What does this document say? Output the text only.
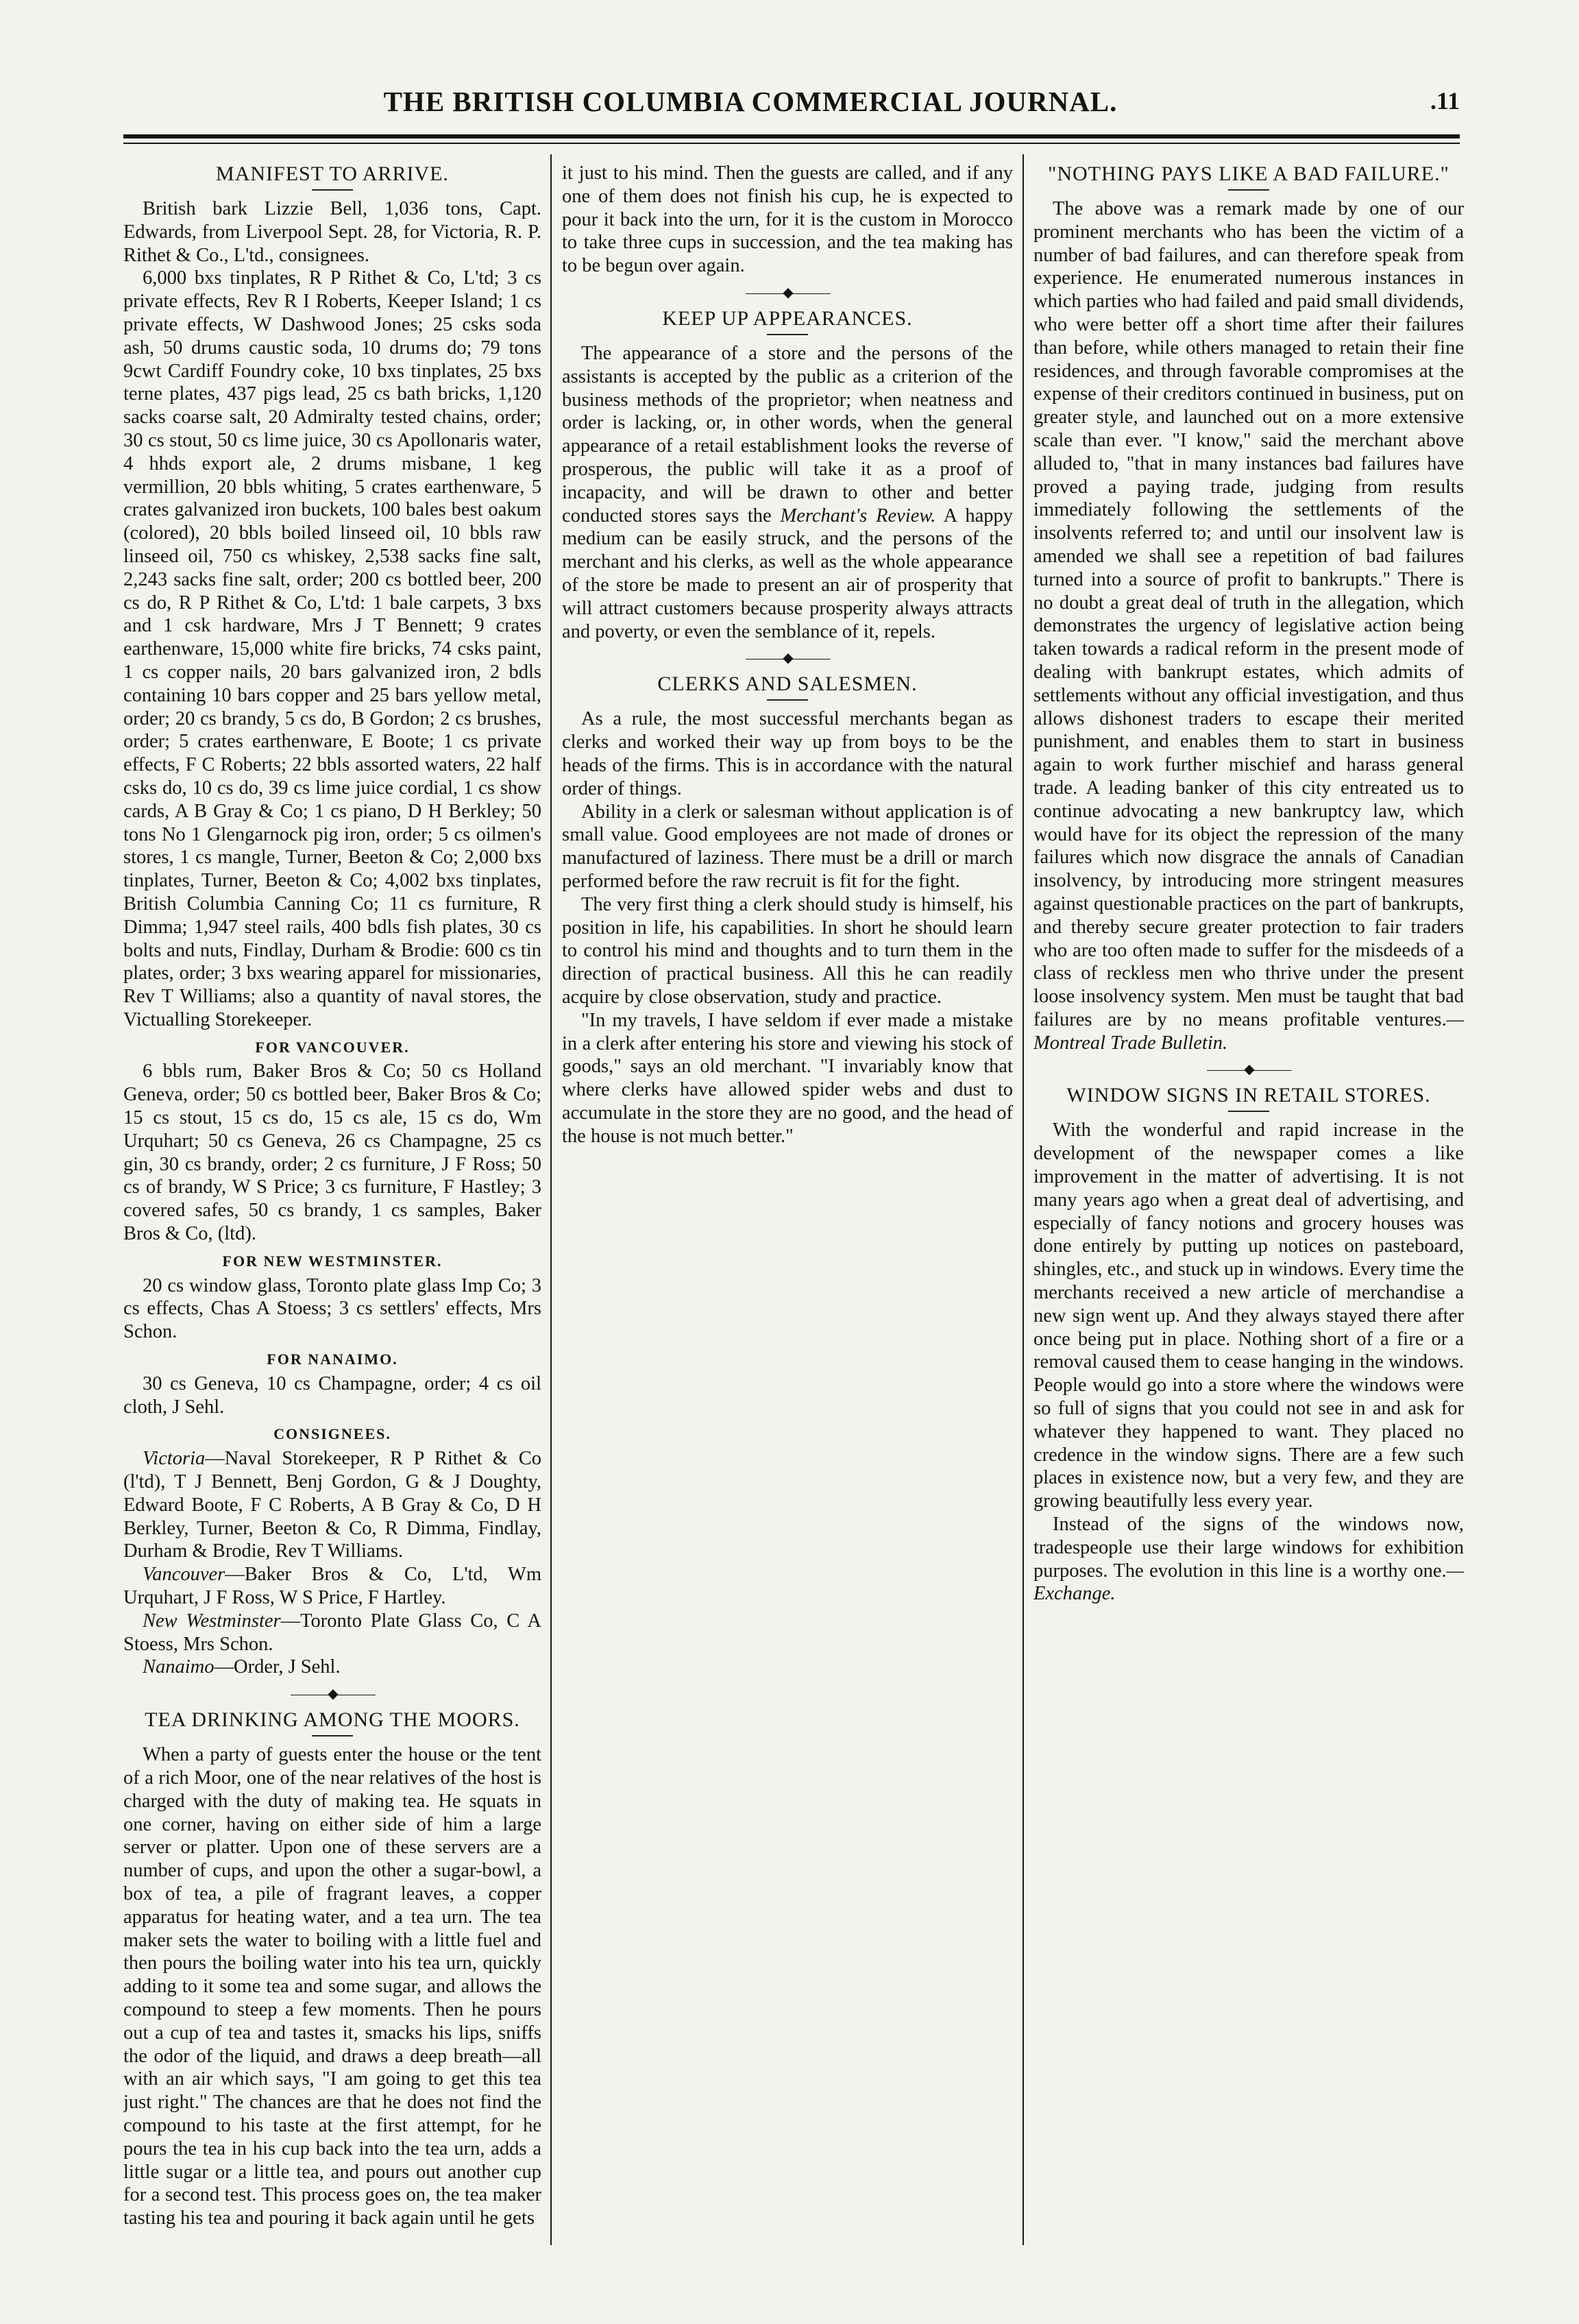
THE BRITISH COLUMBIA COMMERCIAL JOURNAL.	.11
MANIFEST TO ARRIVE.

British bark Lizzie Bell, 1,036 tons, Capt. Edwards, from Liverpool Sept. 28, for Victoria, R. P. Rithet & Co., L'td., consignees.

6,000 bxs tinplates, R P Rithet & Co, L'td; 3 cs private effects, Rev R I Roberts, Keeper Island; 1 cs private effects, W Dashwood Jones; 25 csks soda ash, 50 drums caustic soda, 10 drums do; 79 tons 9cwt Cardiff Foundry coke, 10 bxs tinplates, 25 bxs terne plates, 437 pigs lead, 25 cs bath bricks, 1,120 sacks coarse salt, 20 Admiralty tested chains, order; 30 cs stout, 50 cs lime juice, 30 cs Apollonaris water, 4 hhds export ale, 2 drums misbane, 1 keg vermillion, 20 bbls whiting, 5 crates earthenware, 5 crates galvanized iron buckets, 100 bales best oakum (colored), 20 bbls boiled linseed oil, 10 bbls raw linseed oil, 750 cs whiskey, 2,538 sacks fine salt, 2,243 sacks fine salt, order; 200 cs bottled beer, 200 cs do, R P Rithet & Co, L'td: 1 bale carpets, 3 bxs and 1 csk hardware, Mrs J T Bennett; 9 crates earthenware, 15,000 white fire bricks, 74 csks paint, 1 cs copper nails, 20 bars galvanized iron, 2 bdls containing 10 bars copper and 25 bars yellow metal, order; 20 cs brandy, 5 cs do, B Gordon; 2 cs brushes, order; 5 crates earthenware, E Boote; 1 cs private effects, F C Roberts; 22 bbls assorted waters, 22 half csks do, 10 cs do, 39 cs lime juice cordial, 1 cs show cards, A B Gray & Co; 1 cs piano, D H Berkley; 50 tons No 1 Glengarnock pig iron, order; 5 cs oilmen's stores, 1 cs mangle, Turner, Beeton & Co; 2,000 bxs tinplates, Turner, Beeton & Co; 4,002 bxs tinplates, British Columbia Canning Co; 11 cs furniture, R Dimma; 1,947 steel rails, 400 bdls fish plates, 30 cs bolts and nuts, Findlay, Durham & Brodie: 600 cs tin plates, order; 3 bxs wearing apparel for missionaries, Rev T Williams; also a quantity of naval stores, the Victualling Storekeeper.

FOR VANCOUVER.

6 bbls rum, Baker Bros & Co; 50 cs Holland Geneva, order; 50 cs bottled beer, Baker Bros & Co; 15 cs stout, 15 cs do, 15 cs ale, 15 cs do, Wm Urquhart; 50 cs Geneva, 26 cs Champagne, 25 cs gin, 30 cs brandy, order; 2 cs furniture, J F Ross; 50 cs of brandy, W S Price; 3 cs furniture, F Hastley; 3 covered safes, 50 cs brandy, 1 cs samples, Baker Bros & Co, (ltd).

FOR NEW WESTMINSTER.

20 cs window glass, Toronto plate glass Imp Co; 3 cs effects, Chas A Stoess; 3 cs settlers' effects, Mrs Schon.

FOR NANAIMO.

30 cs Geneva, 10 cs Champagne, order; 4 cs oil cloth, J Sehl.

CONSIGNEES.

Victoria—Naval Storekeeper, R P Rithet & Co (l'td), T J Bennett, Benj Gordon, G & J Doughty, Edward Boote, F C Roberts, A B Gray & Co, D H Berkley, Turner, Beeton & Co, R Dimma, Findlay, Durham & Brodie, Rev T Williams.

Vancouver—Baker Bros & Co, L'td, Wm Urquhart, J F Ross, W S Price, F Hartley.

New Westminster—Toronto Plate Glass Co, C A Stoess, Mrs Schon.

Nanaimo—Order, J Sehl.

———◆———
TEA DRINKING AMONG THE MOORS.

When a party of guests enter the house or the tent of a rich Moor, one of the near relatives of the host is charged with the duty of making tea. He squats in one corner, having on either side of him a large server or platter. Upon one of these servers are a number of cups, and upon the other a sugar-bowl, a box of tea, a pile of fragrant leaves, a copper apparatus for heating water, and a tea urn. The tea maker sets the water to boiling with a little fuel and then pours the boiling water into his tea urn, quickly adding to it some tea and some sugar, and allows the compound to steep a few moments. Then he pours out a cup of tea and tastes it, smacks his lips, sniffs the odor of the liquid, and draws a deep breath—all with an air which says, "I am going to get this tea just right." The chances are that he does not find the compound to his taste at the first attempt, for he pours the tea in his cup back into the tea urn, adds a little sugar or a little tea, and pours out another cup for a second test. This process goes on, the tea maker tasting his tea and pouring it back again until he gets

it just to his mind. Then the guests are called, and if any one of them does not finish his cup, he is expected to pour it back into the urn, for it is the custom in Morocco to take three cups in succession, and the tea making has to be begun over again.

———◆———
KEEP UP APPEARANCES.

The appearance of a store and the persons of the assistants is accepted by the public as a criterion of the business methods of the proprietor; when neatness and order is lacking, or, in other words, when the general appearance of a retail establishment looks the reverse of prosperous, the public will take it as a proof of incapacity, and will be drawn to other and better conducted stores says the Merchant's Review. A happy medium can be easily struck, and the persons of the merchant and his clerks, as well as the whole appearance of the store be made to present an air of prosperity that will attract customers because prosperity always attracts and poverty, or even the semblance of it, repels.

———◆———
CLERKS AND SALESMEN.

As a rule, the most successful merchants began as clerks and worked their way up from boys to be the heads of the firms. This is in accordance with the natural order of things.

Ability in a clerk or salesman without application is of small value. Good employees are not made of drones or manufactured of laziness. There must be a drill or march performed before the raw recruit is fit for the fight.

The very first thing a clerk should study is himself, his position in life, his capabilities. In short he should learn to control his mind and thoughts and to turn them in the direction of practical business. All this he can readily acquire by close observation, study and practice.

"In my travels, I have seldom if ever made a mistake in a clerk after entering his store and viewing his stock of goods," says an old merchant. "I invariably know that where clerks have allowed spider webs and dust to accumulate in the store they are no good, and the head of the house is not much better."

"NOTHING PAYS LIKE A BAD FAILURE."

The above was a remark made by one of our prominent merchants who has been the victim of a number of bad failures, and can therefore speak from experience. He enumerated numerous instances in which parties who had failed and paid small dividends, who were better off a short time after their failures than before, while others managed to retain their fine residences, and through favorable compromises at the expense of their creditors continued in business, put on greater style, and launched out on a more extensive scale than ever. "I know," said the merchant above alluded to, "that in many instances bad failures have proved a paying trade, judging from results immediately following the settlements of the insolvents referred to; and until our insolvent law is amended we shall see a repetition of bad failures turned into a source of profit to bankrupts." There is no doubt a great deal of truth in the allegation, which demonstrates the urgency of legislative action being taken towards a radical reform in the present mode of dealing with bankrupt estates, which admits of settlements without any official investigation, and thus allows dishonest traders to escape their merited punishment, and enables them to start in business again to work further mischief and harass general trade. A leading banker of this city entreated us to continue advocating a new bankruptcy law, which would have for its object the repression of the many failures which now disgrace the annals of Canadian insolvency, by introducing more stringent measures against questionable practices on the part of bankrupts, and thereby secure greater protection to fair traders who are too often made to suffer for the misdeeds of a class of reckless men who thrive under the present loose insolvency system. Men must be taught that bad failures are by no means profitable ventures.—Montreal Trade Bulletin.

———◆———
WINDOW SIGNS IN RETAIL STORES.

With the wonderful and rapid increase in the development of the newspaper comes a like improvement in the matter of advertising. It is not many years ago when a great deal of advertising, and especially of fancy notions and grocery houses was done entirely by putting up notices on pasteboard, shingles, etc., and stuck up in windows. Every time the merchants received a new article of merchandise a new sign went up. And they always stayed there after once being put in place. Nothing short of a fire or a removal caused them to cease hanging in the windows. People would go into a store where the windows were so full of signs that you could not see in and ask for whatever they happened to want. They placed no credence in the window signs. There are a few such places in existence now, but a very few, and they are growing beautifully less every year.

Instead of the signs of the windows now, tradespeople use their large windows for exhibition purposes. The evolution in this line is a worthy one.—Exchange.
